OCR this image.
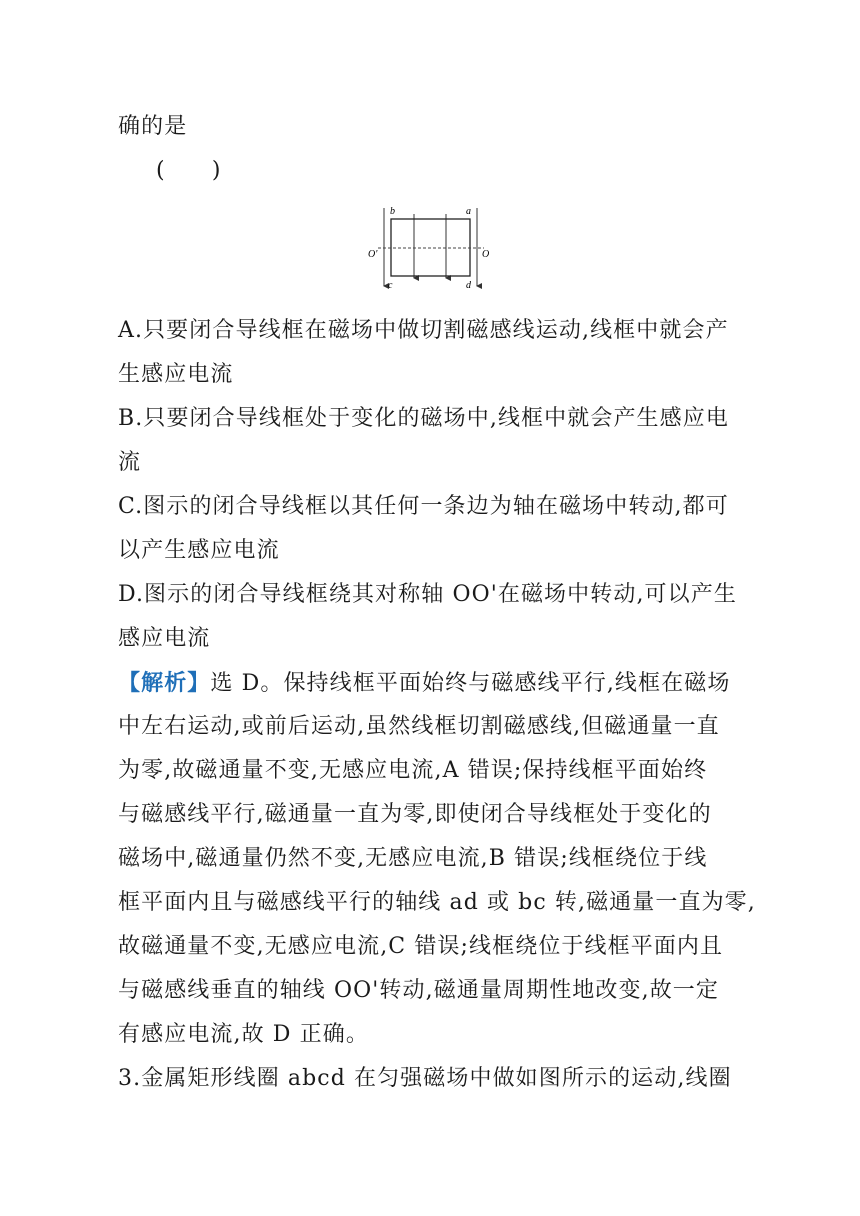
确的是
(　　)
b	a
c	d
O'	O
A.只要闭合导线框在磁场中做切割磁感线运动,线框中就会产
生感应电流
B.只要闭合导线框处于变化的磁场中,线框中就会产生感应电
流
C.图示的闭合导线框以其任何一条边为轴在磁场中转动,都可
以产生感应电流
D.图示的闭合导线框绕其对称轴 OO'在磁场中转动,可以产生
感应电流
【解析】选 D。保持线框平面始终与磁感线平行,线框在磁场
中左右运动,或前后运动,虽然线框切割磁感线,但磁通量一直
为零,故磁通量不变,无感应电流,A 错误;保持线框平面始终
与磁感线平行,磁通量一直为零,即使闭合导线框处于变化的
磁场中,磁通量仍然不变,无感应电流,B 错误;线框绕位于线
框平面内且与磁感线平行的轴线 ad 或 bc 转,磁通量一直为零,
故磁通量不变,无感应电流,C 错误;线框绕位于线框平面内且
与磁感线垂直的轴线 OO'转动,磁通量周期性地改变,故一定
有感应电流,故 D 正确。
3.金属矩形线圈 abcd 在匀强磁场中做如图所示的运动,线圈
